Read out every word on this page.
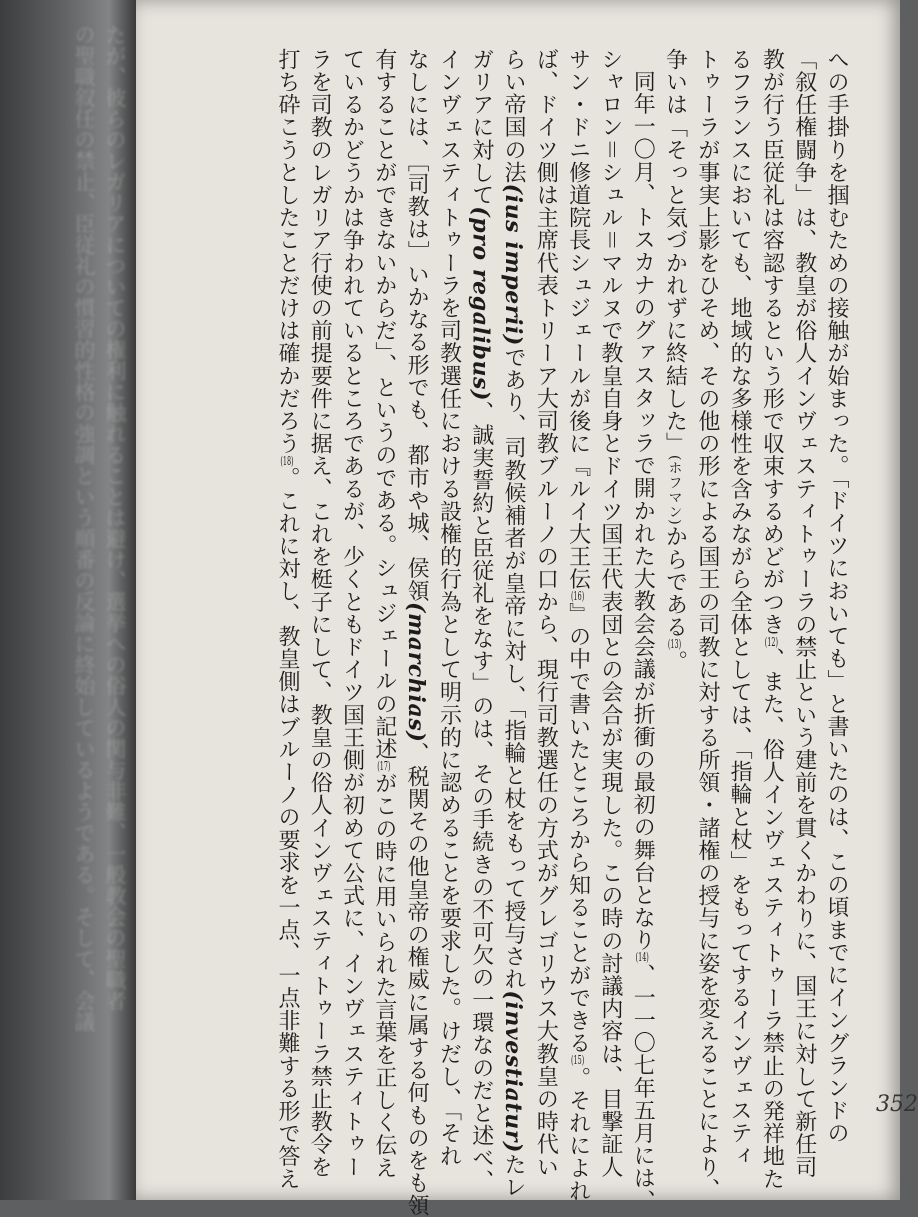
たが、彼らのレガリアについての権利に触れることは避け、選挙への俗人の関与非難、一般教会の聖職者
の聖職叙任の禁止、臣従礼の慣習的性格の強調という順番の反論に終始しているようである。そして、会議	への手掛りを掴むための接触が始まった。「ドイツにおいても」と書いたのは、この頃までにイングランドの
「叙任権闘争」は、教皇が俗人インヴェスティトゥーラの禁止という建前を貫くかわりに、国王に対して新任司
教が行う臣従礼は容認するという形で収束するめどがつき(12)、また、俗人インヴェスティトゥーラ禁止の発祥地た
るフランスにおいても、地域的な多様性を含みながら全体としては、「指輪と杖」をもってするインヴェスティ
トゥーラが事実上影をひそめ、その他の形による国王の司教に対する所領・諸権の授与に姿を変えることにより、
争いは「そっと気づかれずに終結した」(ホフマン)からである(13)。
同年一〇月、トスカナのグァスタッラで開かれた大教会会議が折衝の最初の舞台となり(14)、一一〇七年五月には、
シャロン＝シュル＝マルヌで教皇自身とドイツ国王代表団との会合が実現した。この時の討議内容は、目撃証人
サン・ドニ修道院長シュジェールが後に『ルイ大王伝(16)』の中で書いたところから知ることができる(15)。それによれ
ば、ドイツ側は主席代表トリーア大司教ブルーノの口から、現行司教選任の方式がグレゴリウス大教皇の時代い
らい帝国の法(ius imperii)であり、司教候補者が皇帝に対し、「指輪と杖をもって授与され(investiatur)たレ
ガリアに対して(pro regalibus)、誠実誓約と臣従礼をなす」のは、その手続きの不可欠の一環なのだと述べ、
インヴェスティトゥーラを司教選任における設権的行為として明示的に認めることを要求した。けだし、「それ
なしには、［司教は］いかなる形でも、都市や城、侯領(marchias)、税関その他皇帝の権威に属する何ものをも領
有することができないからだ」、というのである。シュジェールの記述(17)がこの時に用いられた言葉を正しく伝え
ているかどうかは争われているところであるが、少くともドイツ国王側が初めて公式に、インヴェスティトゥー
ラを司教のレガリア行使の前提要件に据え、これを梃子にして、教皇の俗人インヴェスティトゥーラ禁止教令を
打ち砕こうとしたことだけは確かだろう(18)。これに対し、教皇側はブルーノの要求を一点、一点非難する形で答え	352
